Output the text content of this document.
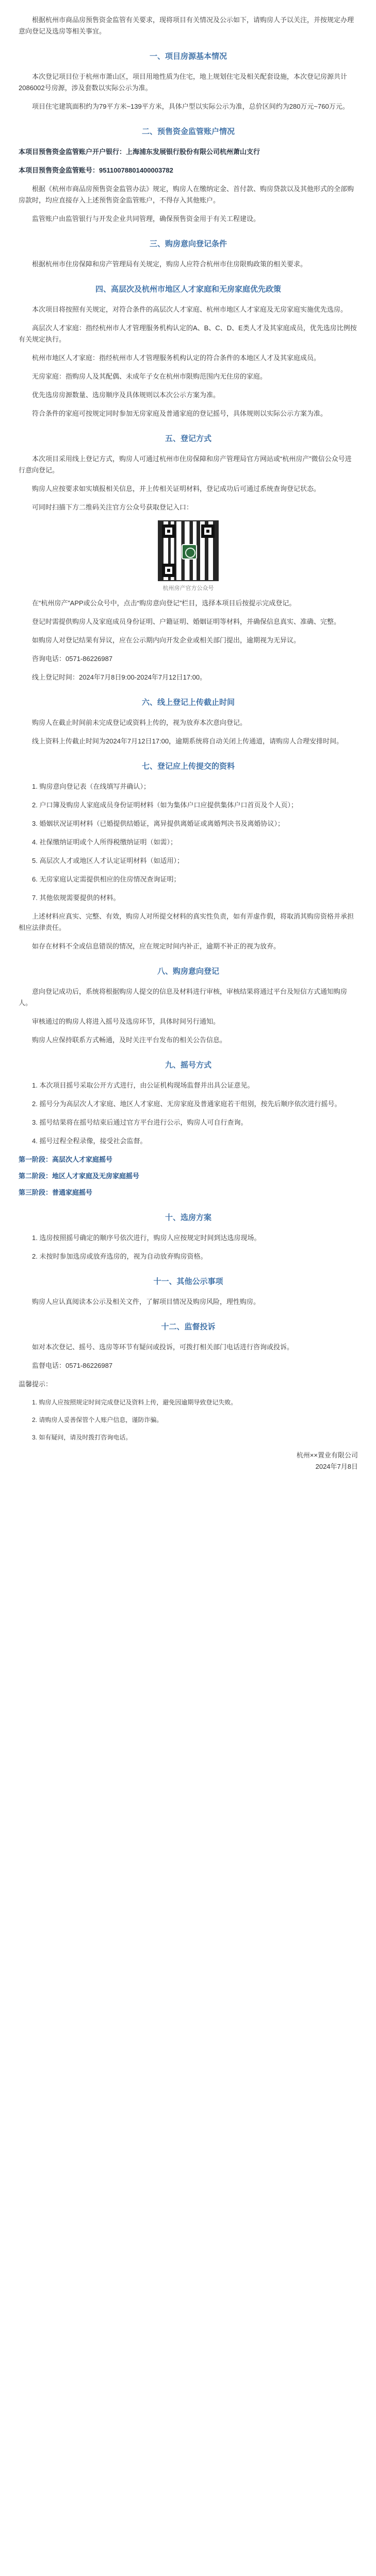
根据杭州市商品房预售资金监管有关要求，现将项目有关情况及公示如下，请购房人予以关注，并按规定办理意向登记及选房等相关事宜。

一、项目房源基本情况

本次登记项目位于杭州市萧山区，项目用地性质为住宅，地上规划住宅及相关配套设施，本次登记房源共计2086002号房源，涉及套数以实际公示为准。

项目住宅建筑面积约为79平方米~139平方米，具体户型以实际公示为准，总价区间约为280万元~760万元。

二、预售资金监管账户情况

本项目预售资金监管账户开户银行：上海浦东发展银行股份有限公司杭州萧山支行

本项目预售资金监管账号：95110078801400003782

根据《杭州市商品房预售资金监管办法》规定，购房人在缴纳定金、首付款、购房贷款以及其他形式的全部购房款时，均应直接存入上述预售资金监管账户，不得存入其他账户。

监管账户由监管银行与开发企业共同管理，确保预售资金用于有关工程建设。

三、购房意向登记条件

根据杭州市住房保障和房产管理局有关规定，购房人应符合杭州市住房限购政策的相关要求。

四、高层次及杭州市地区人才家庭和无房家庭优先政策

本次项目将按照有关规定，对符合条件的高层次人才家庭、杭州市地区人才家庭及无房家庭实施优先选房。

高层次人才家庭：指经杭州市人才管理服务机构认定的A、B、C、D、E类人才及其家庭成员，优先选房比例按有关规定执行。

杭州市地区人才家庭：指经杭州市人才管理服务机构认定的符合条件的本地区人才及其家庭成员。

无房家庭：指购房人及其配偶、未成年子女在杭州市限购范围内无住房的家庭。

优先选房房源数量、选房顺序及具体规则以本次公示方案为准。

符合条件的家庭可按规定同时参加无房家庭及普通家庭的登记摇号，具体规则以实际公示方案为准。

五、登记方式

本次项目采用线上登记方式，购房人可通过杭州市住房保障和房产管理局官方网站或“杭州房产”微信公众号进行意向登记。

购房人应按要求如实填报相关信息，并上传相关证明材料，登记成功后可通过系统查询登记状态。

可同时扫描下方二维码关注官方公众号获取登记入口：

杭州房产官方公众号

在“杭州房产”APP或公众号中，点击“购房意向登记”栏目，选择本项目后按提示完成登记。

登记时需提供购房人及家庭成员身份证明、户籍证明、婚姻证明等材料，并确保信息真实、准确、完整。

如购房人对登记结果有异议，应在公示期内向开发企业或相关部门提出，逾期视为无异议。

咨询电话：0571-86226987

线上登记时间：2024年7月8日9:00-2024年7月12日17:00。

六、线上登记上传截止时间

购房人在截止时间前未完成登记或资料上传的，视为放弃本次意向登记。

线上资料上传截止时间为2024年7月12日17:00，逾期系统将自动关闭上传通道，请购房人合理安排时间。

七、登记应上传提交的资料

1. 购房意向登记表（在线填写并确认）；

2. 户口簿及购房人家庭成员身份证明材料（如为集体户口应提供集体户口首页及个人页）；

3. 婚姻状况证明材料（已婚提供结婚证，离异提供离婚证或离婚判决书及离婚协议）；

4. 社保缴纳证明或个人所得税缴纳证明（如需）；

5. 高层次人才或地区人才认定证明材料（如适用）；

6. 无房家庭认定需提供相应的住房情况查询证明；

7. 其他依规需要提供的材料。

上述材料应真实、完整、有效，购房人对所提交材料的真实性负责，如有弄虚作假，将取消其购房资格并承担相应法律责任。

如存在材料不全或信息错误的情况，应在规定时间内补正，逾期不补正的视为放弃。

八、购房意向登记

意向登记成功后，系统将根据购房人提交的信息及材料进行审核，审核结果将通过平台及短信方式通知购房人。

审核通过的购房人将进入摇号及选房环节，具体时间另行通知。

购房人应保持联系方式畅通，及时关注平台发布的相关公告信息。

九、摇号方式

1. 本次项目摇号采取公开方式进行，由公证机构现场监督并出具公证意见。

2. 摇号分为高层次人才家庭、地区人才家庭、无房家庭及普通家庭若干组别，按先后顺序依次进行摇号。

3. 摇号结果将在摇号结束后通过官方平台进行公示，购房人可自行查询。

4. 摇号过程全程录像，接受社会监督。

第一阶段：高层次人才家庭摇号

第二阶段：地区人才家庭及无房家庭摇号

第三阶段：普通家庭摇号

十、选房方案

1. 选房按照摇号确定的顺序号依次进行，购房人应按规定时间到达选房现场。

2. 未按时参加选房或放弃选房的，视为自动放弃购房资格。

十一、其他公示事项

购房人应认真阅读本公示及相关文件，了解项目情况及购房风险，理性购房。

十二、监督投诉

如对本次登记、摇号、选房等环节有疑问或投诉，可拨打相关部门电话进行咨询或投诉。

监督电话：0571-86226987

温馨提示：

1. 购房人应按照规定时间完成登记及资料上传，避免因逾期导致登记失败。

2. 请购房人妥善保管个人账户信息，谨防诈骗。

3. 如有疑问，请及时拨打咨询电话。

杭州××置业有限公司
2024年7月8日
